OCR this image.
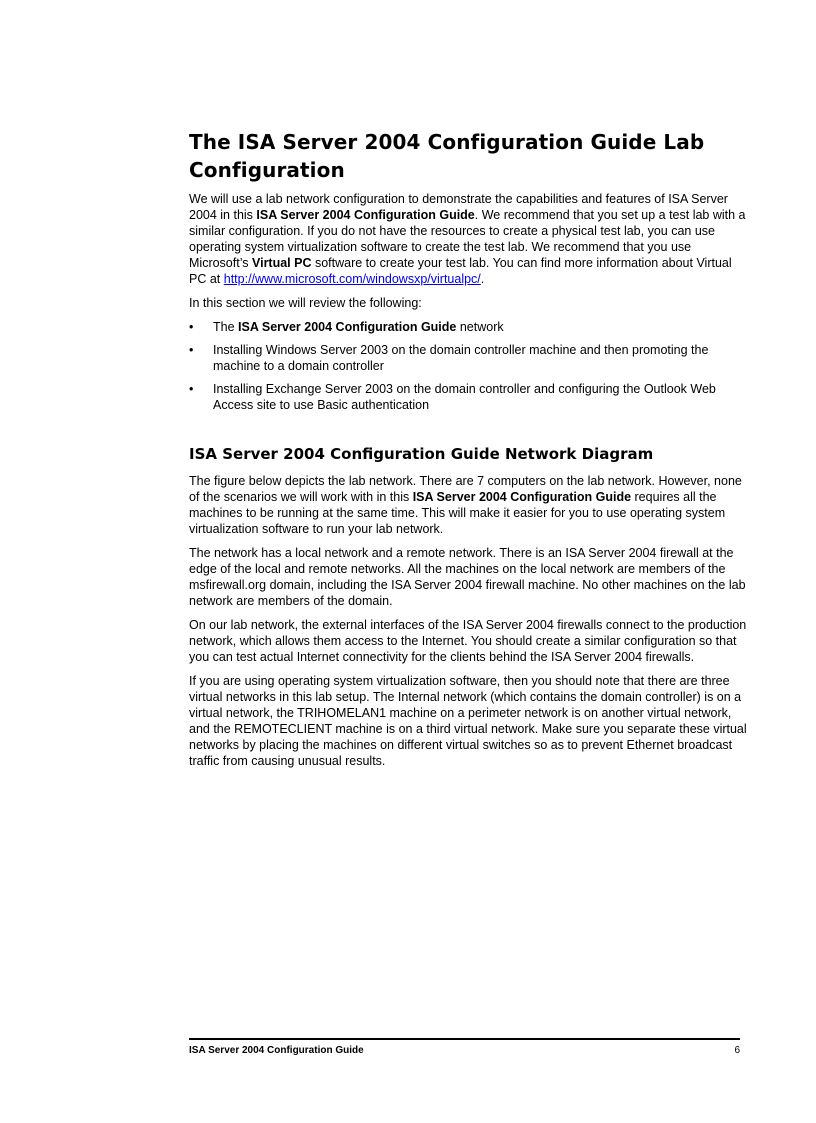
The ISA Server 2004 Configuration Guide Lab Configuration

We will use a lab network configuration to demonstrate the capabilities and features of ISA Server 2004 in this ISA Server 2004 Configuration Guide. We recommend that you set up a test lab with a similar configuration. If you do not have the resources to create a physical test lab, you can use operating system virtualization software to create the test lab. We recommend that you use Microsoft’s Virtual PC software to create your test lab. You can find more information about Virtual PC at http://www.microsoft.com/windowsxp/virtualpc/.

In this section we will review the following:

• The ISA Server 2004 Configuration Guide network
• Installing Windows Server 2003 on the domain controller machine and then promoting the machine to a domain controller
• Installing Exchange Server 2003 on the domain controller and configuring the Outlook Web Access site to use Basic authentication
ISA Server 2004 Configuration Guide Network Diagram

The figure below depicts the lab network. There are 7 computers on the lab network. However, none of the scenarios we will work with in this ISA Server 2004 Configuration Guide requires all the machines to be running at the same time. This will make it easier for you to use operating system virtualization software to run your lab network.

The network has a local network and a remote network. There is an ISA Server 2004 firewall at the edge of the local and remote networks. All the machines on the local network are members of the msfirewall.org domain, including the ISA Server 2004 firewall machine. No other machines on the lab network are members of the domain.

On our lab network, the external interfaces of the ISA Server 2004 firewalls connect to the production network, which allows them access to the Internet. You should create a similar configuration so that you can test actual Internet connectivity for the clients behind the ISA Server 2004 firewalls.

If you are using operating system virtualization software, then you should note that there are three virtual networks in this lab setup. The Internal network (which contains the domain controller) is on a virtual network, the TRIHOMELAN1 machine on a perimeter network is on another virtual network, and the REMOTECLIENT machine is on a third virtual network. Make sure you separate these virtual networks by placing the machines on different virtual switches so as to prevent Ethernet broadcast traffic from causing unusual results.

ISA Server 2004 Configuration Guide	6
